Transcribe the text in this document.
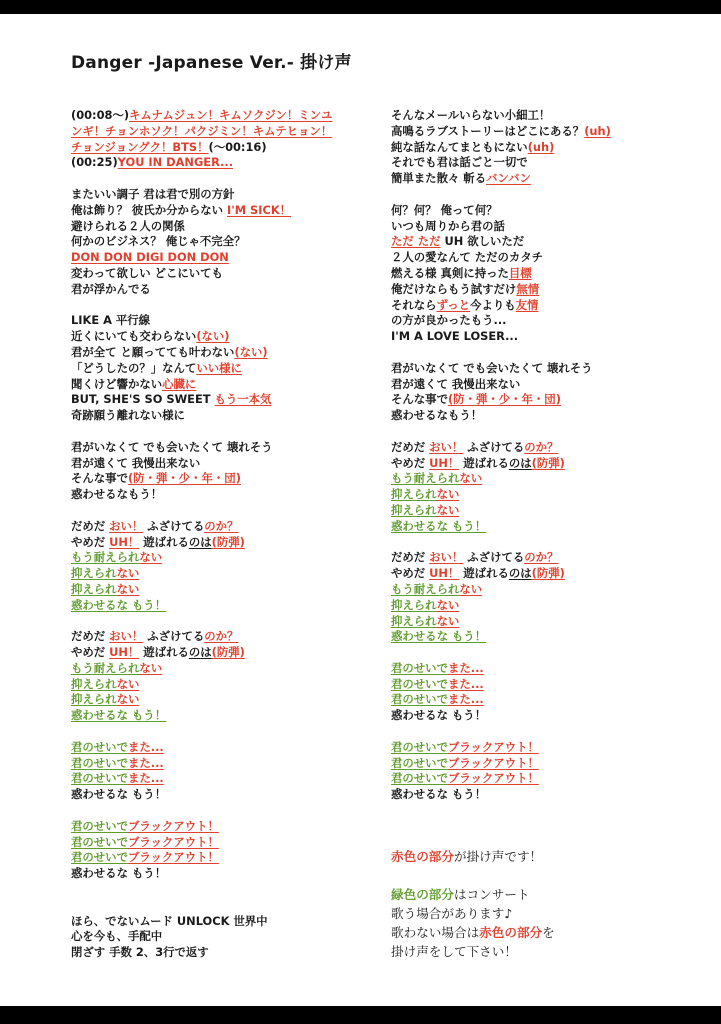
Danger -Japanese Ver.- 掛け声
(00:08〜)キムナムジュン！キムソクジン！ミンユ
ンギ！チョンホソク！パクジミン！キムテヒョン！
チョンジョングク！BTS！(〜00:16)
(00:25)YOU IN DANGER...
またいい調子 君は君で別の方針
俺は飾り？ 彼氏か分からない I'M SICK！
避けられる２人の関係
何かのビジネス？ 俺じゃ不完全？
DON DON DIGI DON DON
変わって欲しい どこにいても
君が浮かんでる
LIKE A 平行線
近くにいても交わらない(ない)
君が全て と願ってても叶わない(ない)
「どうしたの？」なんていい様に
聞くけど響かない心臓に
BUT, SHE'S SO SWEET もう一本気
奇跡願う離れない様に
君がいなくて でも会いたくて 壊れそう
君が遠くて 我慢出来ない
そんな事で(防・弾・少・年・団)
惑わせるなもう！
だめだ おい！ ふざけてるのか？
やめだ UH！ 遊ばれるのは(防弾)
もう耐えられない
抑えられない
抑えられない
惑わせるな もう！
だめだ おい！ ふざけてるのか？
やめだ UH！ 遊ばれるのは(防弾)
もう耐えられない
抑えられない
抑えられない
惑わせるな もう！
君のせいでまた...
君のせいでまた...
君のせいでまた...
惑わせるな もう！
君のせいでブラックアウト！
君のせいでブラックアウト！
君のせいでブラックアウト！
惑わせるな もう！
ほら、でないムード UNLOCK 世界中
心を今も、手配中
閉ざす 手数 2、3行で返す
そんなメールいらない小細工！
高鳴るラブストーリーはどこにある？(uh)
純な話なんてまともにない(uh)
それでも君は話ごと一切で
簡単また散々 斬るバンバン
何？何？ 俺って何？
いつも周りから君の話
ただ ただ UH 欲しいただ
２人の愛なんて ただのカタチ
燃える様 真剣に持った目標
俺だけならもう試すだけ無情
それならずっと今よりも友情
の方が良かったもう...
I'M A LOVE LOSER...
君がいなくて でも会いたくて 壊れそう
君が遠くて 我慢出来ない
そんな事で(防・弾・少・年・団)
惑わせるなもう！
だめだ おい！ ふざけてるのか？
やめだ UH！ 遊ばれるのは(防弾)
もう耐えられない
抑えられない
抑えられない
惑わせるな もう！
だめだ おい！ ふざけてるのか？
やめだ UH！ 遊ばれるのは(防弾)
もう耐えられない
抑えられない
抑えられない
惑わせるな もう！
君のせいでまた...
君のせいでまた...
君のせいでまた...
惑わせるな もう！
君のせいでブラックアウト！
君のせいでブラックアウト！
君のせいでブラックアウト！
惑わせるな もう！
赤色の部分が掛け声です！
緑色の部分はコンサート
歌う場合があります♪
歌わない場合は赤色の部分を
掛け声をして下さい！
